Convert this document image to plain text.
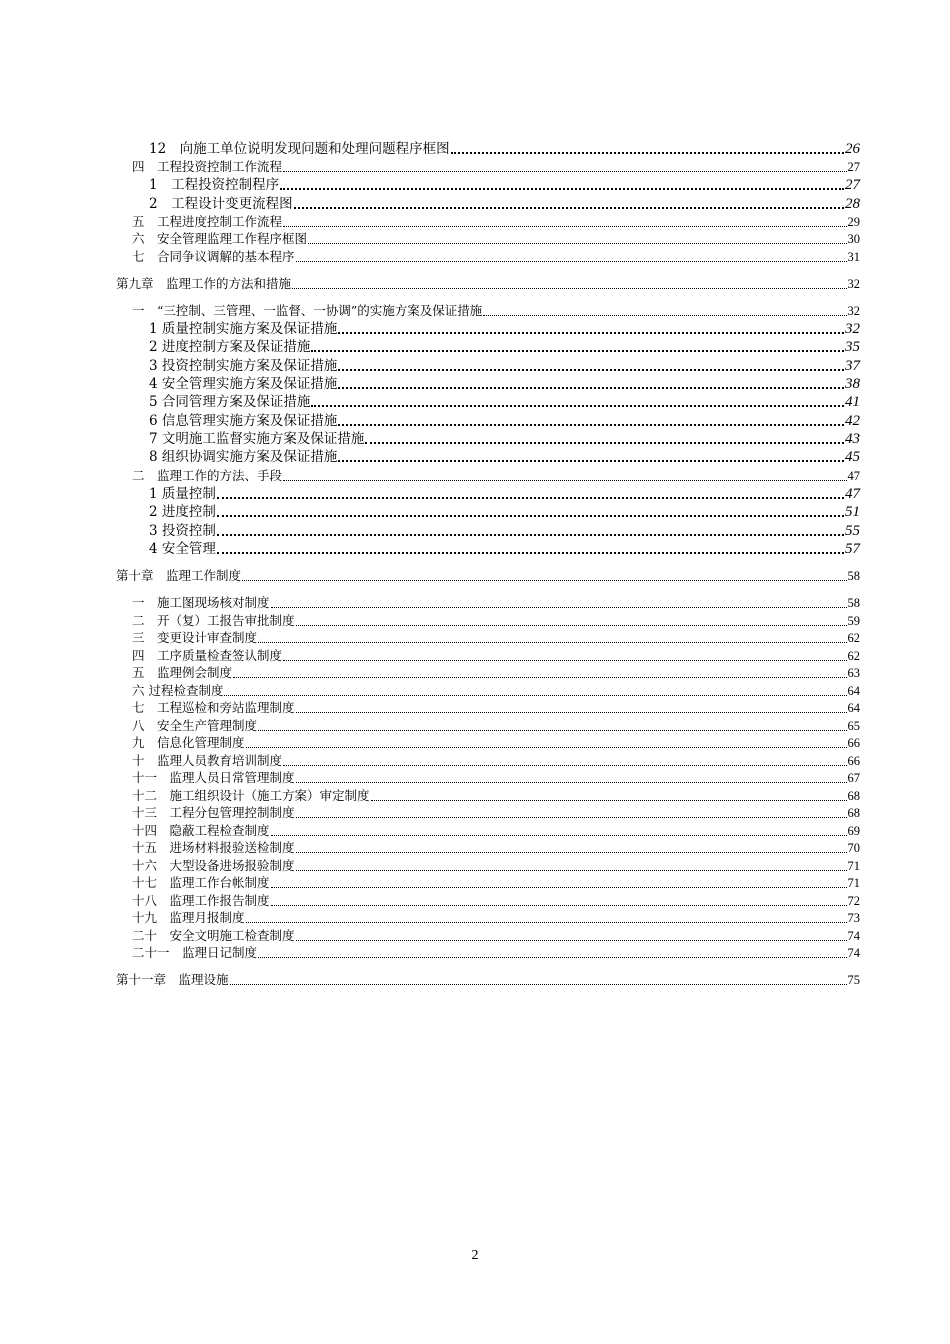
12　向施工单位说明发现问题和处理问题程序框图	26
四　工程投资控制工作流程	27
1　工程投资控制程序	27
2　工程设计变更流程图	28
五　工程进度控制工作流程	29
六　安全管理监理工作程序框图	30
七　合同争议调解的基本程序	31
第九章　监理工作的方法和措施	32
一　“三控制、三管理、一监督、一协调”的实施方案及保证措施	32
1 质量控制实施方案及保证措施	32
2 进度控制方案及保证措施	35
3 投资控制实施方案及保证措施	37
4 安全管理实施方案及保证措施	38
5 合同管理方案及保证措施	41
6 信息管理实施方案及保证措施	42
7 文明施工监督实施方案及保证措施	43
8 组织协调实施方案及保证措施	45
二　监理工作的方法、手段	47
1 质量控制	47
2 进度控制	51
3 投资控制	55
4 安全管理	57
第十章　监理工作制度	58
一　施工图现场核对制度	58
二　开（复）工报告审批制度	59
三　变更设计审查制度	62
四　工序质量检查签认制度	62
五　监理例会制度	63
六 过程检查制度	64
七　工程巡检和旁站监理制度	64
八　安全生产管理制度	65
九　信息化管理制度	66
十　监理人员教育培训制度	66
十一　监理人员日常管理制度	67
十二　施工组织设计（施工方案）审定制度	68
十三　工程分包管理控制制度	68
十四　隐蔽工程检查制度	69
十五　进场材料报验送检制度	70
十六　大型设备进场报验制度	71
十七　监理工作台帐制度	71
十八　监理工作报告制度	72
十九　监理月报制度	73
二十　安全文明施工检查制度	74
二十一　监理日记制度	74
第十一章　监理设施	75
2
